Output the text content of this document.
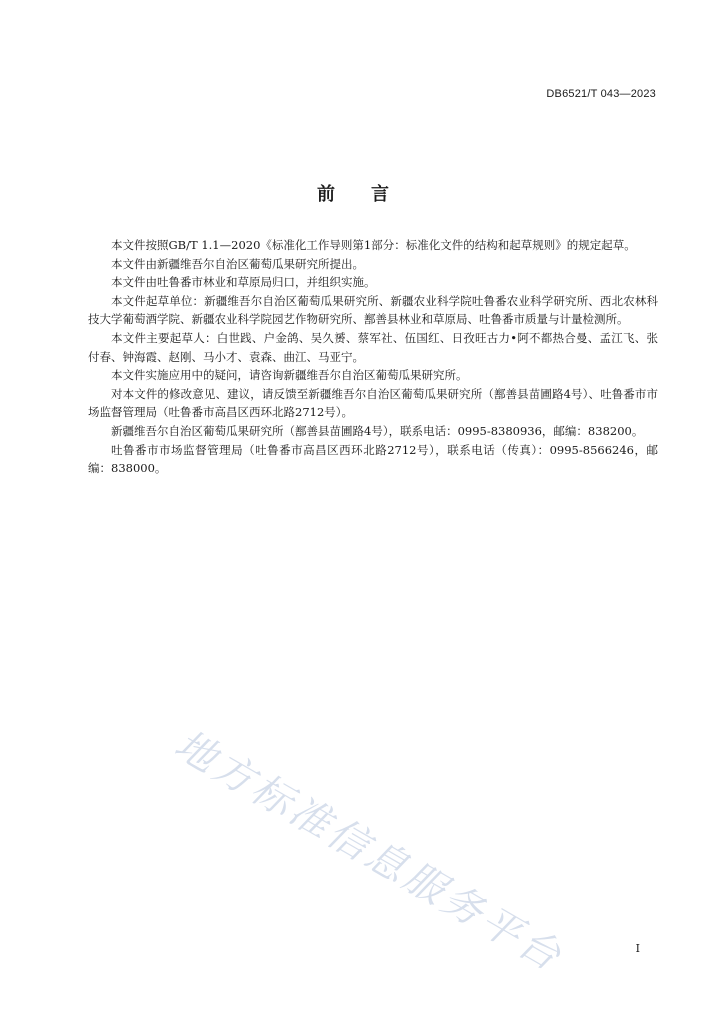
DB6521/T 043—2023
前言

本文件按照GB/T 1.1—2020《标准化工作导则第1部分：标准化文件的结构和起草规则》的规定起草。

本文件由新疆维吾尔自治区葡萄瓜果研究所提出。

本文件由吐鲁番市林业和草原局归口，并组织实施。

本文件起草单位：新疆维吾尔自治区葡萄瓜果研究所、新疆农业科学院吐鲁番农业科学研究所、西北农林科技大学葡萄酒学院、新疆农业科学院园艺作物研究所、鄯善县林业和草原局、吐鲁番市质量与计量检测所。

本文件主要起草人：白世践、户金鸽、吴久赟、蔡军社、伍国红、日孜旺古力•阿不都热合曼、孟江飞、张付春、钟海霞、赵刚、马小才、袁森、曲江、马亚宁。

本文件实施应用中的疑问，请咨询新疆维吾尔自治区葡萄瓜果研究所。

对本文件的修改意见、建议，请反馈至新疆维吾尔自治区葡萄瓜果研究所（鄯善县苗圃路4号）、吐鲁番市市场监督管理局（吐鲁番市高昌区西环北路2712号）。

新疆维吾尔自治区葡萄瓜果研究所（鄯善县苗圃路4号），联系电话：0995-8380936，邮编：838200。

吐鲁番市市场监督管理局（吐鲁番市高昌区西环北路2712号），联系电话（传真）：0995-8566246，邮编：838000。

地方标准信息服务平台	I
